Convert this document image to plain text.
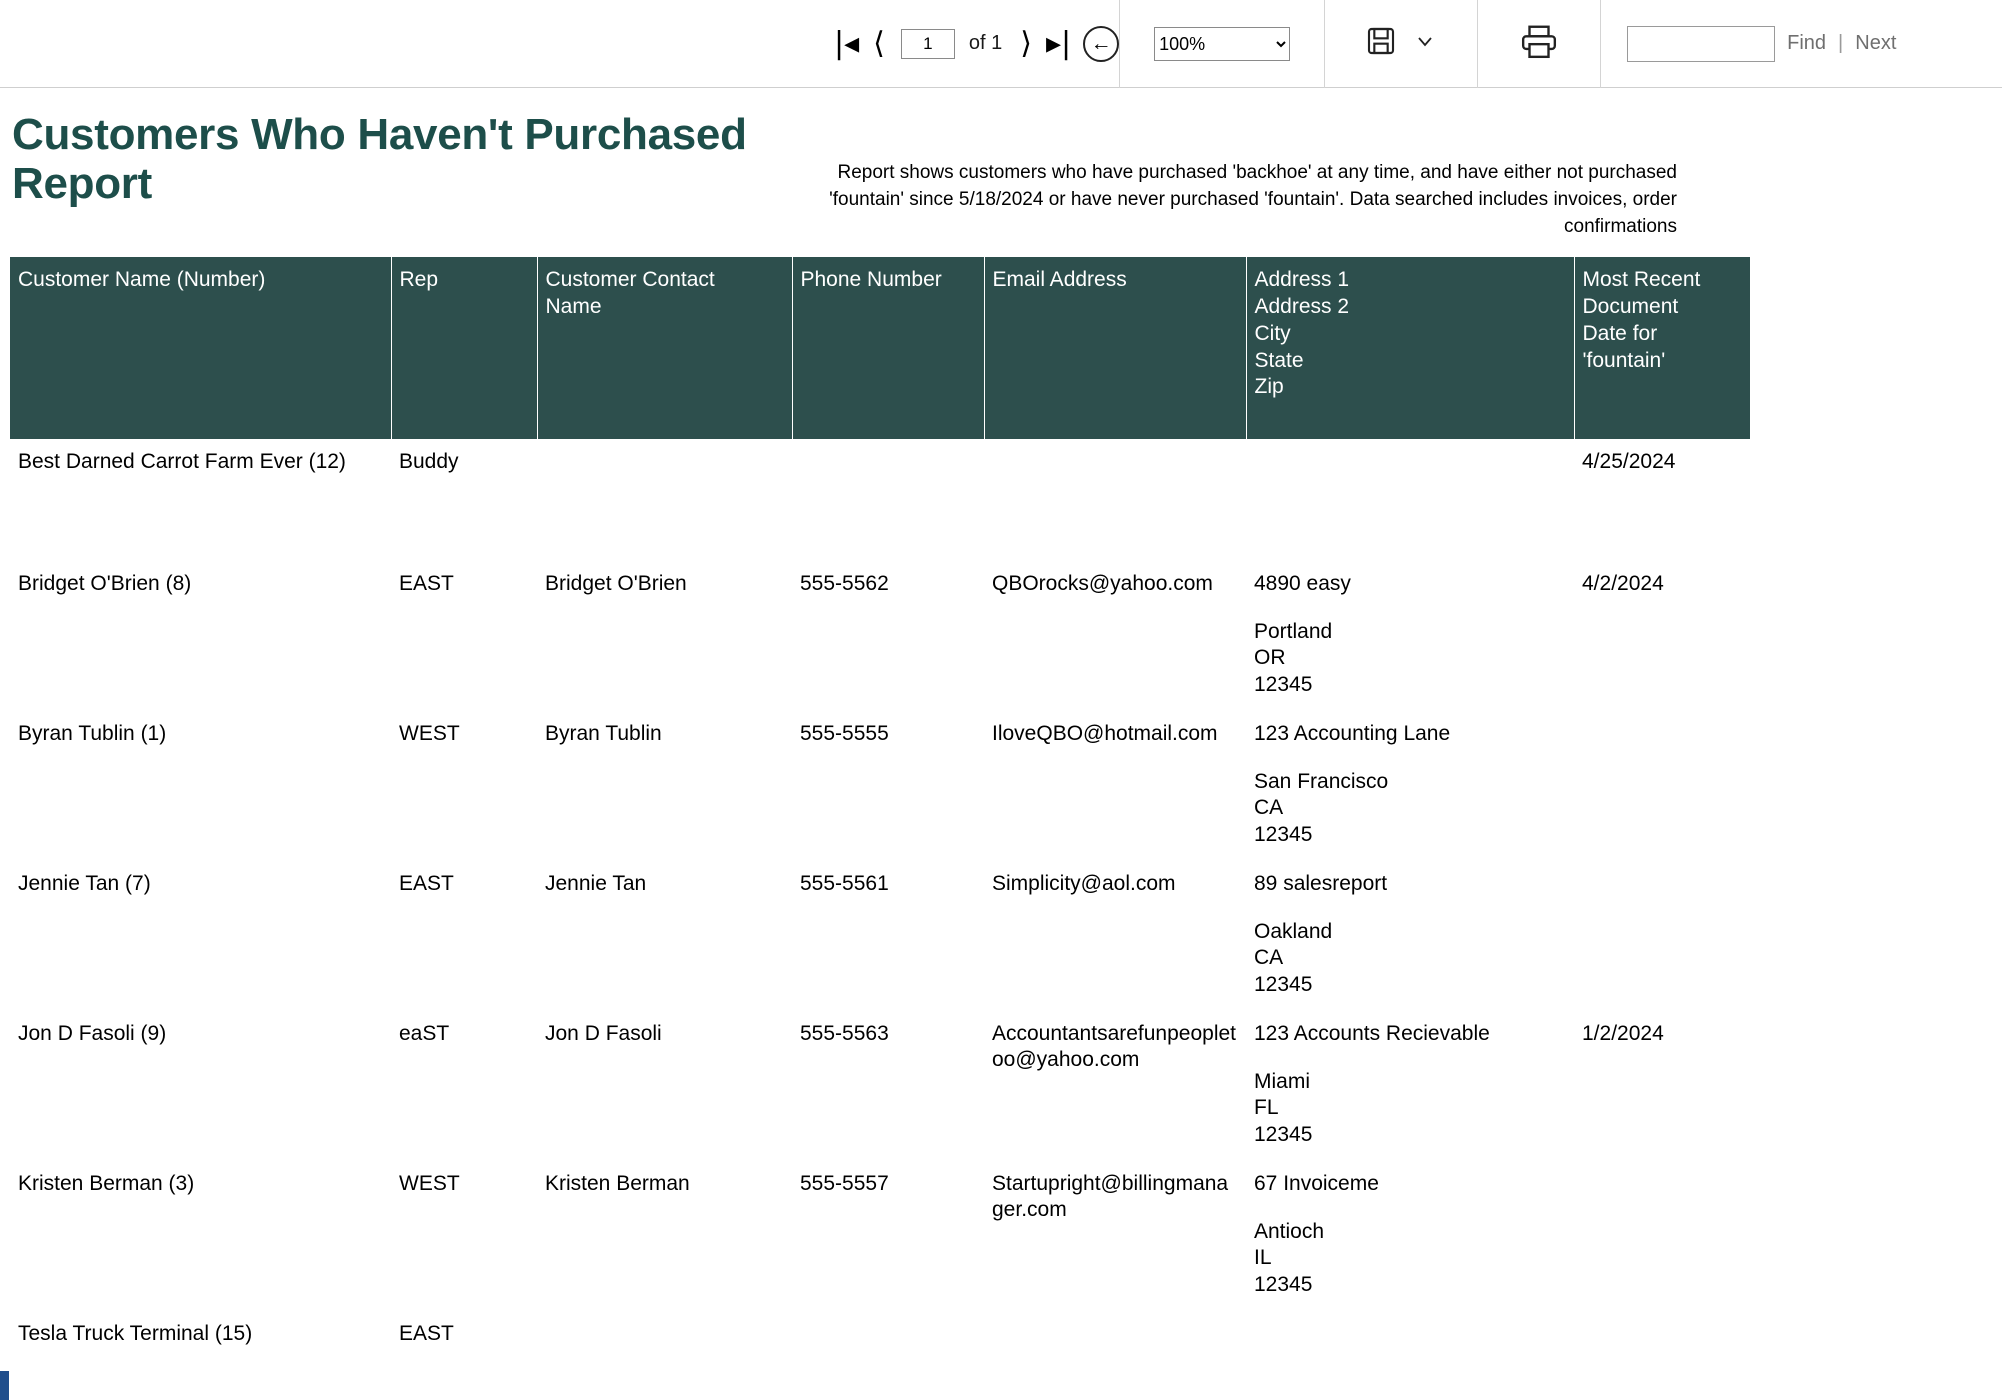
|◂ ⟨
1	of 1 ⟩ ▸| ←
100%	Find | Next
Customers Who Haven't Purchased Report	Report shows customers who have purchased 'backhoe' at any time, and have either not purchased 'fountain' since 5/18/2024 or have never purchased 'fountain'. Data searched includes invoices, order confirmations
Customer Name (Number)	Rep	Customer Contact
Name	Phone Number	Email Address	Address 1
Address 2
City
State
Zip	Most Recent
Document
Date for
'fountain'

Best Darned Carrot Farm Ever (12)	Buddy					4/25/2024
Bridget O'Brien (8)	EAST	Bridget O'Brien	555-5562	QBOrocks@yahoo.com	4890 easy
Portland
OR
12345	4/2/2024
Byran Tublin (1)	WEST	Byran Tublin	555-5555	IloveQBO@hotmail.com	123 Accounting Lane
San Francisco
CA
12345	

Jennie Tan (7)	EAST	Jennie Tan	555-5561	Simplicity@aol.com	89 salesreport
Oakland
CA
12345	

Jon D Fasoli (9)	eaST	Jon D Fasoli	555-5563	Accountantsarefunpeopletoo@yahoo.com	123 Accounts Recievable
Miami
FL
12345	1/2/2024
Kristen Berman (3)	WEST	Kristen Berman	555-5557	Startupright@billingmanager.com	67 Invoiceme
Antioch
IL
12345	

Tesla Truck Terminal (15)	EAST				
